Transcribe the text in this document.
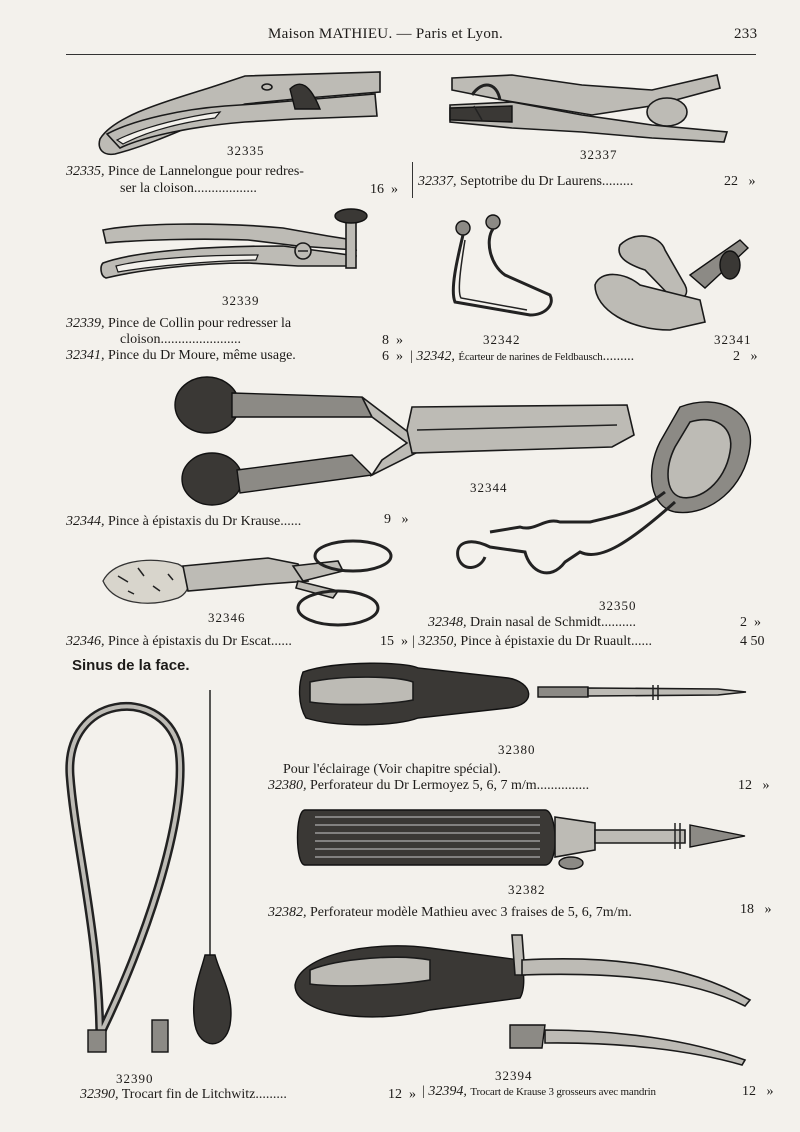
Maison MATHIEU. — Paris et Lyon.	233
32335	32337
32339
32342	32341
32344
32350
32346
32380
32382
32390	32394
32335, Pince de Lannelongue pour redres-
ser la cloison..................	16 »
32337, Septotribe du Dr Laurens.........	22 »
32339, Pince de Collin pour redresser la
cloison.......................	8 »
32341, Pince du Dr Moure, même usage.	6 » | 32342, Écarteur de narines de Feldbausch.........	2 »
32344, Pince à épistaxis du Dr Krause......	9 »
32348, Drain nasal de Schmidt..........	2 »
32346, Pince à épistaxis du Dr Escat......	15 » | 32350, Pince à épistaxie du Dr Ruault......	4 50
Sinus de la face.
Pour l'éclairage (Voir chapitre spécial).
32380, Perforateur du Dr Lermoyez 5, 6, 7 m/m...............	12 »
32382, Perforateur modèle Mathieu avec 3 fraises de 5, 6, 7m/m.	18 »
32390, Trocart fin de Litchwitz.........	12 » | 32394, Trocart de Krause 3 grosseurs avec mandrin	12 »
